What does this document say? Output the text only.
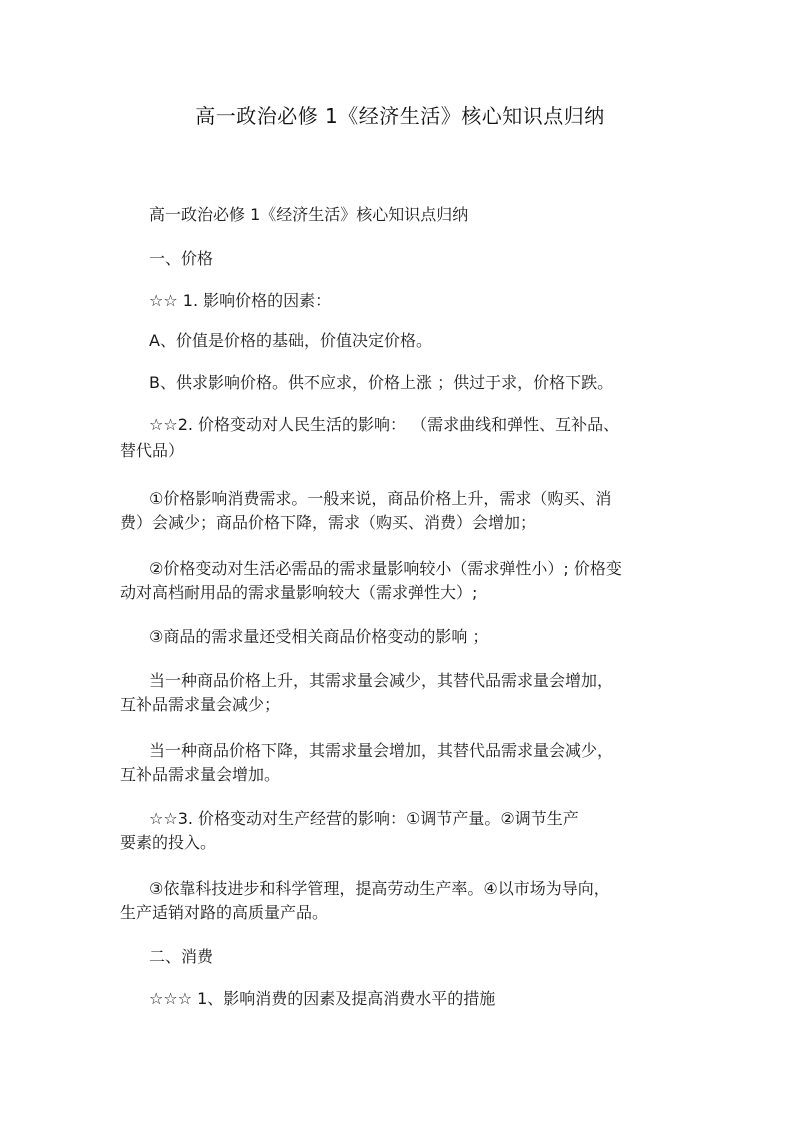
高一政治必修 1《经济生活》核心知识点归纳
高一政治必修 1《经济生活》核心知识点归纳
一、价格
☆☆ 1. 影响价格的因素：
A、价值是价格的基础，价值决定价格。
B、供求影响价格。供不应求，价格上涨 ；供过于求，价格下跌。
☆☆2. 价格变动对人民生活的影响： （需求曲线和弹性、互补品、
替代品）
①价格影响消费需求。一般来说，商品价格上升，需求（购买、消
费）会减少；商品价格下降，需求（购买、消费）会增加；
②价格变动对生活必需品的需求量影响较小（需求弹性小）; 价格变
动对高档耐用品的需求量影响较大（需求弹性大）;
③商品的需求量还受相关商品价格变动的影响 ；
当一种商品价格上升，其需求量会减少，其替代品需求量会增加，
互补品需求量会减少；
当一种商品价格下降，其需求量会增加，其替代品需求量会减少，
互补品需求量会增加。
☆☆3. 价格变动对生产经营的影响：①调节产量。②调节生产
要素的投入。
③依靠科技进步和科学管理，提高劳动生产率。④以市场为导向，
生产适销对路的高质量产品。
二、消费
☆☆☆ 1、影响消费的因素及提高消费水平的措施
